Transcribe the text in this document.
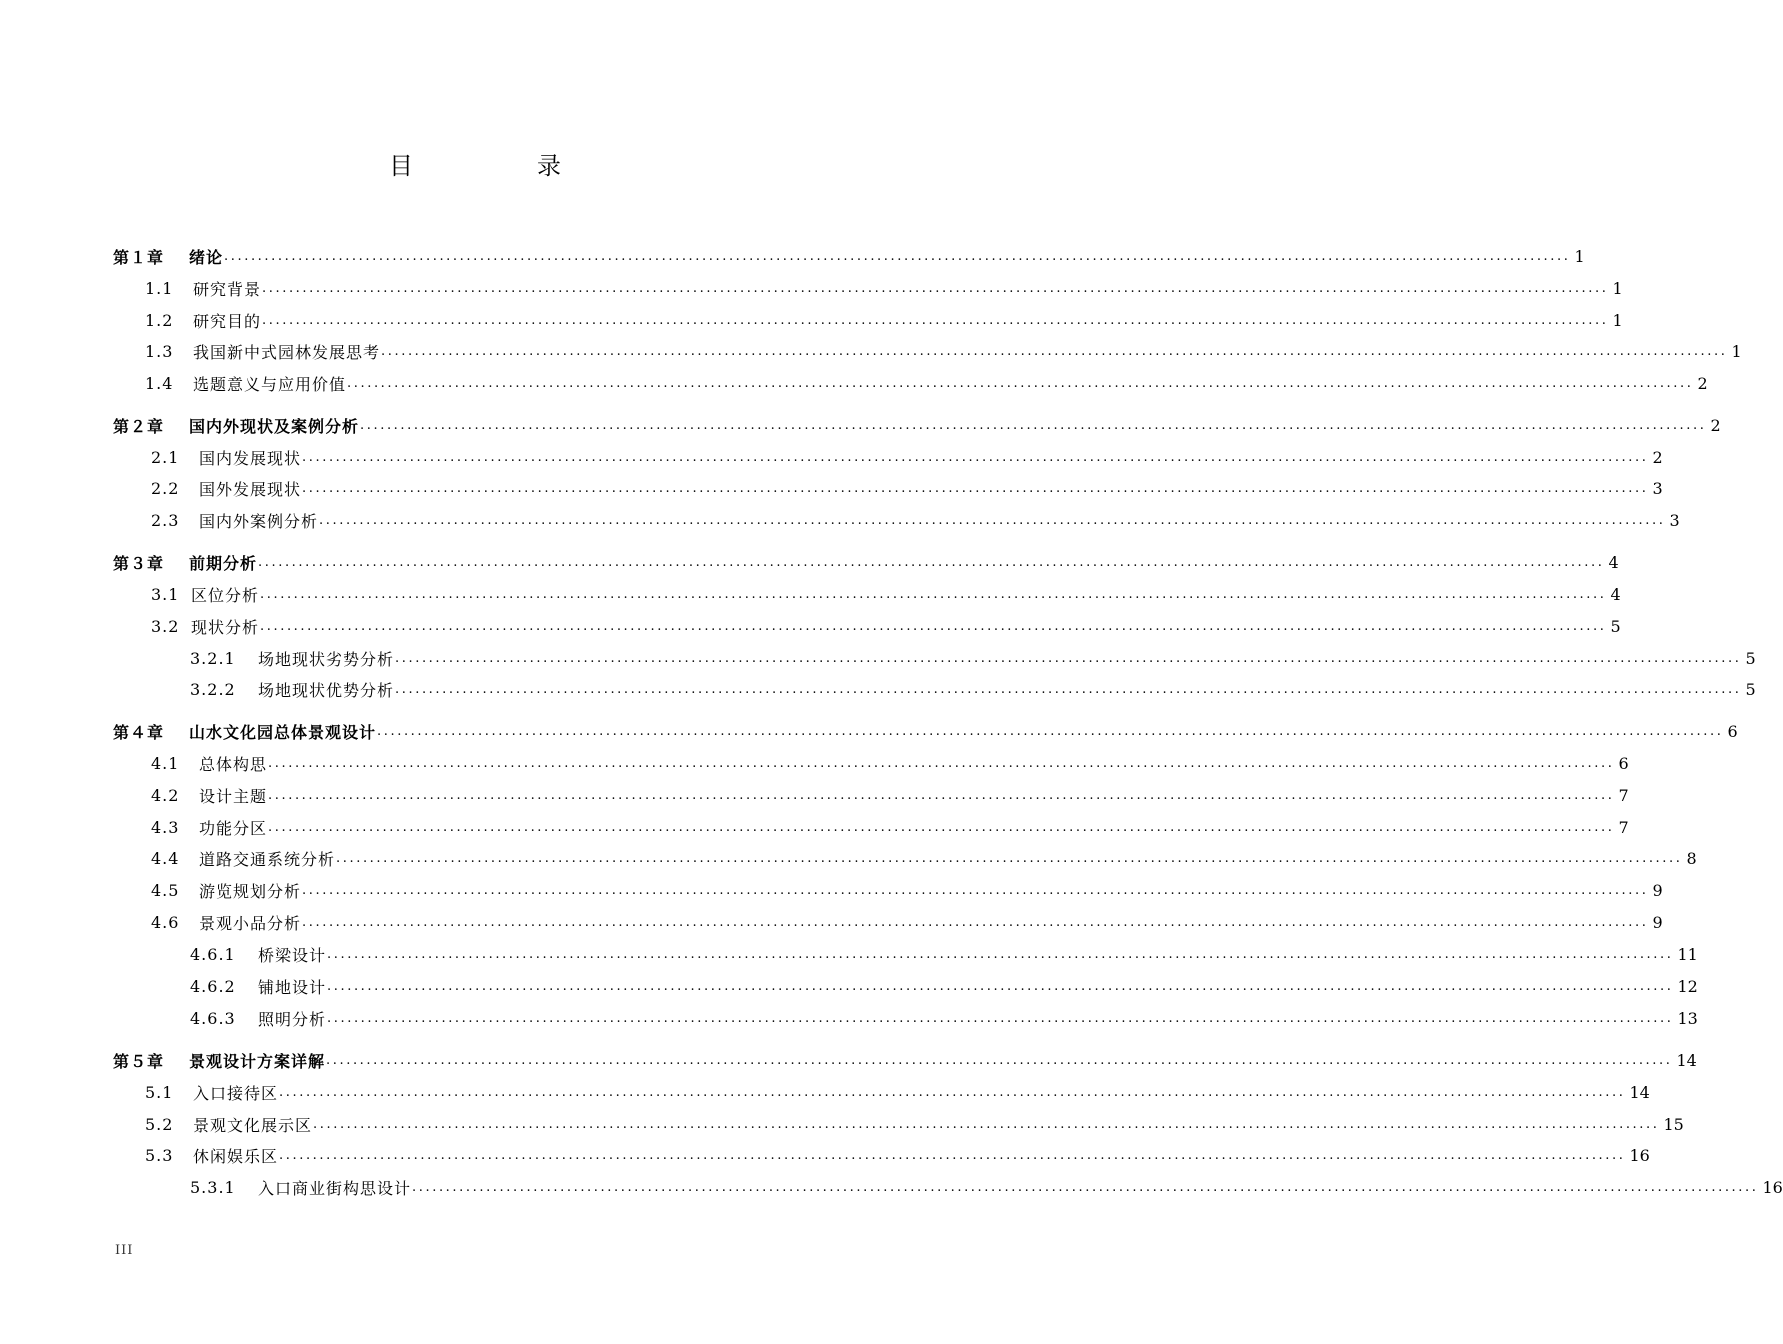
目　录
第１章	绪论 ........................................................................................................................................................................................................ 1
1.1	研究背景 ........................................................................................................................................................................................................ 1
1.2	研究目的 ........................................................................................................................................................................................................ 1
1.3	我国新中式园林发展思考 ........................................................................................................................................................................................................ 1
1.4	选题意义与应用价值 ........................................................................................................................................................................................................ 2
第２章	国内外现状及案例分析 ........................................................................................................................................................................................................ 2
2.1	国内发展现状 ........................................................................................................................................................................................................ 2
2.2	国外发展现状 ........................................................................................................................................................................................................ 3
2.3	国内外案例分析 ........................................................................................................................................................................................................ 3
第３章	前期分析 ........................................................................................................................................................................................................ 4
3.1 区位分析 ........................................................................................................................................................................................................ 4
3.2 现状分析 ........................................................................................................................................................................................................ 5
3.2.1	场地现状劣势分析 ........................................................................................................................................................................................................ 5
3.2.2	场地现状优势分析 ........................................................................................................................................................................................................ 5
第４章	山水文化园总体景观设计 ........................................................................................................................................................................................................ 6
4.1	总体构思 ........................................................................................................................................................................................................ 6
4.2	设计主题 ........................................................................................................................................................................................................ 7
4.3	功能分区 ........................................................................................................................................................................................................ 7
4.4	道路交通系统分析 ........................................................................................................................................................................................................ 8
4.5	游览规划分析 ........................................................................................................................................................................................................ 9
4.6	景观小品分析 ........................................................................................................................................................................................................ 9
4.6.1	桥梁设计 ........................................................................................................................................................................................................ 11
4.6.2	铺地设计 ........................................................................................................................................................................................................ 12
4.6.3	照明分析 ........................................................................................................................................................................................................ 13
第５章	景观设计方案详解 ........................................................................................................................................................................................................ 14
5.1	入口接待区 ........................................................................................................................................................................................................ 14
5.2	景观文化展示区 ........................................................................................................................................................................................................ 15
5.3	休闲娱乐区 ........................................................................................................................................................................................................ 16
5.3.1	入口商业街构思设计 ........................................................................................................................................................................................................ 16
III
